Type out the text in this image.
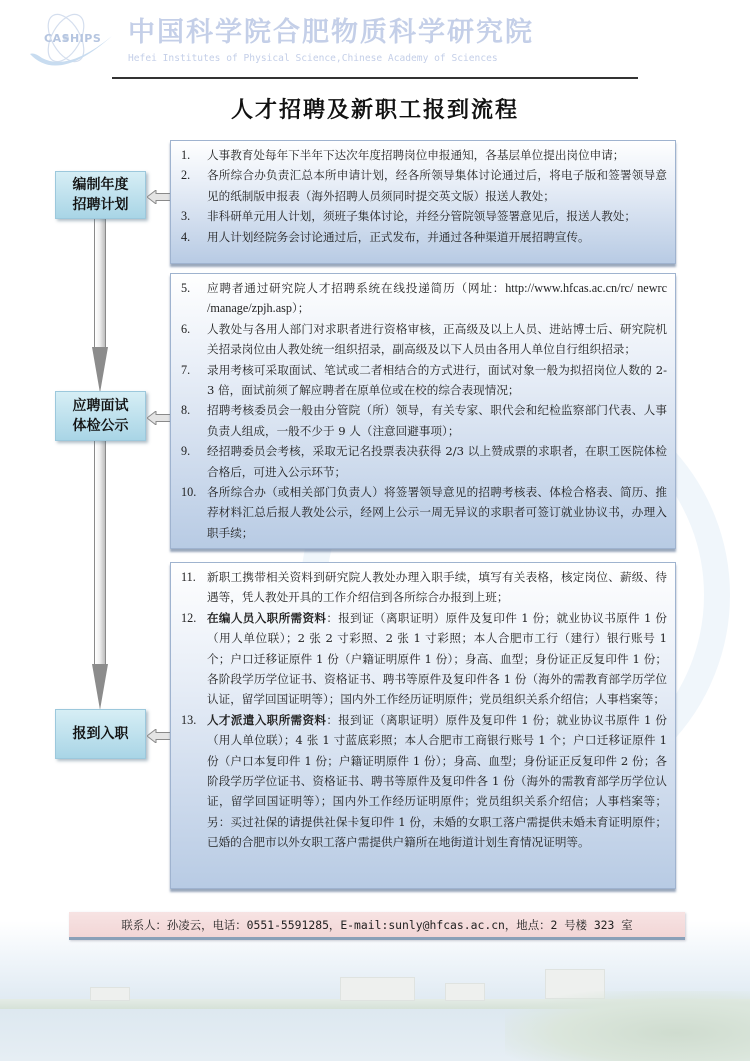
CASHIPS 中国科学院合肥物质科学研究院
Hefei Institutes of Physical Science,Chinese Academy of Sciences
人才招聘及新职工报到流程
编制年度
招聘计划
应聘面试
体检公示
报到入职
1.	人事教育处每年下半年下达次年度招聘岗位申报通知，各基层单位提出岗位申请；
2.	各所综合办负责汇总本所申请计划，经各所领导集体讨论通过后，将电子版和签署领导意见的纸制版申报表（海外招聘人员须同时提交英文版）报送人教处；
3.	非科研单元用人计划，须班子集体讨论，并经分管院领导签署意见后，报送人教处；
4.	用人计划经院务会讨论通过后，正式发布，并通过各种渠道开展招聘宣传。
5.	应聘者通过研究院人才招聘系统在线投递简历（网址：http://www.hfcas.ac.cn/rc/ newrc /manage/zpjh.asp）；
6.	人教处与各用人部门对求职者进行资格审核，正高级及以上人员、进站博士后、研究院机关招录岗位由人教处统一组织招录，副高级及以下人员由各用人单位自行组织招录；
7.	录用考核可采取面试、笔试或二者相结合的方式进行，面试对象一般为拟招岗位人数的 2-3 倍，面试前须了解应聘者在原单位或在校的综合表现情况；
8.	招聘考核委员会一般由分管院（所）领导，有关专家、职代会和纪检监察部门代表、人事负责人组成，一般不少于 9 人（注意回避事项）；
9.	经招聘委员会考核，采取无记名投票表决获得 2/3 以上赞成票的求职者，在职工医院体检合格后，可进入公示环节；
10. 各所综合办（或相关部门负责人）将签署领导意见的招聘考核表、体检合格表、简历、推荐材料汇总后报人教处公示，经网上公示一周无异议的求职者可签订就业协议书，办理入职手续；
11. 新职工携带相关资料到研究院人教处办理入职手续，填写有关表格，核定岗位、薪级、待遇等，凭人教处开具的工作介绍信到各所综合办报到上班；
12. 在编人员入职所需资料：报到证（离职证明）原件及复印件 1 份；就业协议书原件 1 份（用人单位联）；2 张 2 寸彩照、2 张 1 寸彩照；本人合肥市工行（建行）银行账号 1 个；户口迁移证原件 1 份（户籍证明原件 1 份）；身高、血型；身份证正反复印件 1 份；各阶段学历学位证书、资格证书、聘书等原件及复印件各 1 份（海外的需教育部学历学位认证，留学回国证明等）；国内外工作经历证明原件；党员组织关系介绍信；人事档案等；
13. 人才派遣入职所需资料：报到证（离职证明）原件及复印件 1 份；就业协议书原件 1 份（用人单位联）；4 张 1 寸蓝底彩照；本人合肥市工商银行账号 1 个；户口迁移证原件 1 份（户口本复印件 1 份；户籍证明原件 1 份）；身高、血型；身份证正反复印件 2 份；各阶段学历学位证书、资格证书、聘书等原件及复印件各 1 份（海外的需教育部学历学位认证，留学回国证明等）；国内外工作经历证明原件；党员组织关系介绍信；人事档案等；另：买过社保的请提供社保卡复印件 1 份，未婚的女职工落户需提供未婚未育证明原件；已婚的合肥市以外女职工落户需提供户籍所在地街道计划生育情况证明等。
联系人：孙凌云，电话：0551-5591285，E-mail:sunly@hfcas.ac.cn，地点：2 号楼 323 室
